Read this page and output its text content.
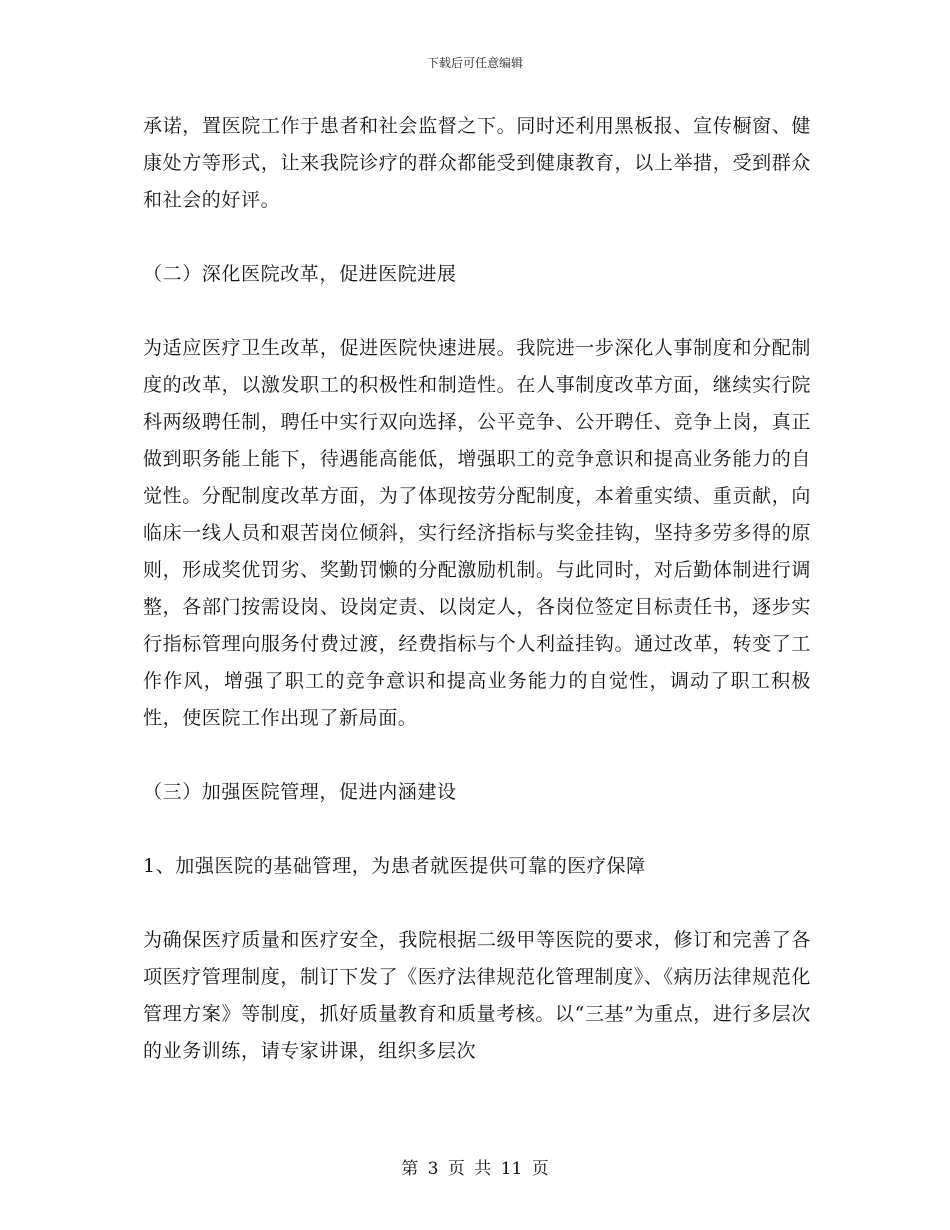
下载后可任意编辑

承诺，置医院工作于患者和社会监督之下。同时还利用黑板报、宣传橱窗、健康处方等形式，让来我院诊疗的群众都能受到健康教育，以上举措，受到群众和社会的好评。

（二）深化医院改革，促进医院进展

为适应医疗卫生改革，促进医院快速进展。我院进一步深化人事制度和分配制度的改革，以激发职工的积极性和制造性。在人事制度改革方面，继续实行院科两级聘任制，聘任中实行双向选择，公平竞争、公开聘任、竞争上岗，真正做到职务能上能下，待遇能高能低，增强职工的竞争意识和提高业务能力的自觉性。分配制度改革方面，为了体现按劳分配制度，本着重实绩、重贡献，向临床一线人员和艰苦岗位倾斜，实行经济指标与奖金挂钩，坚持多劳多得的原则，形成奖优罚劣、奖勤罚懒的分配激励机制。与此同时，对后勤体制进行调整，各部门按需设岗、设岗定责、以岗定人，各岗位签定目标责任书，逐步实行指标管理向服务付费过渡，经费指标与个人利益挂钩。通过改革，转变了工作作风，增强了职工的竞争意识和提高业务能力的自觉性，调动了职工积极性，使医院工作出现了新局面。

（三）加强医院管理，促进内涵建设

1、加强医院的基础管理，为患者就医提供可靠的医疗保障

为确保医疗质量和医疗安全，我院根据二级甲等医院的要求，修订和完善了各项医疗管理制度，制订下发了《医疗法律规范化管理制度》、《病历法律规范化管理方案》等制度，抓好质量教育和质量考核。以“三基”为重点，进行多层次的业务训练，请专家讲课，组织多层次

第 3 页 共 11 页
